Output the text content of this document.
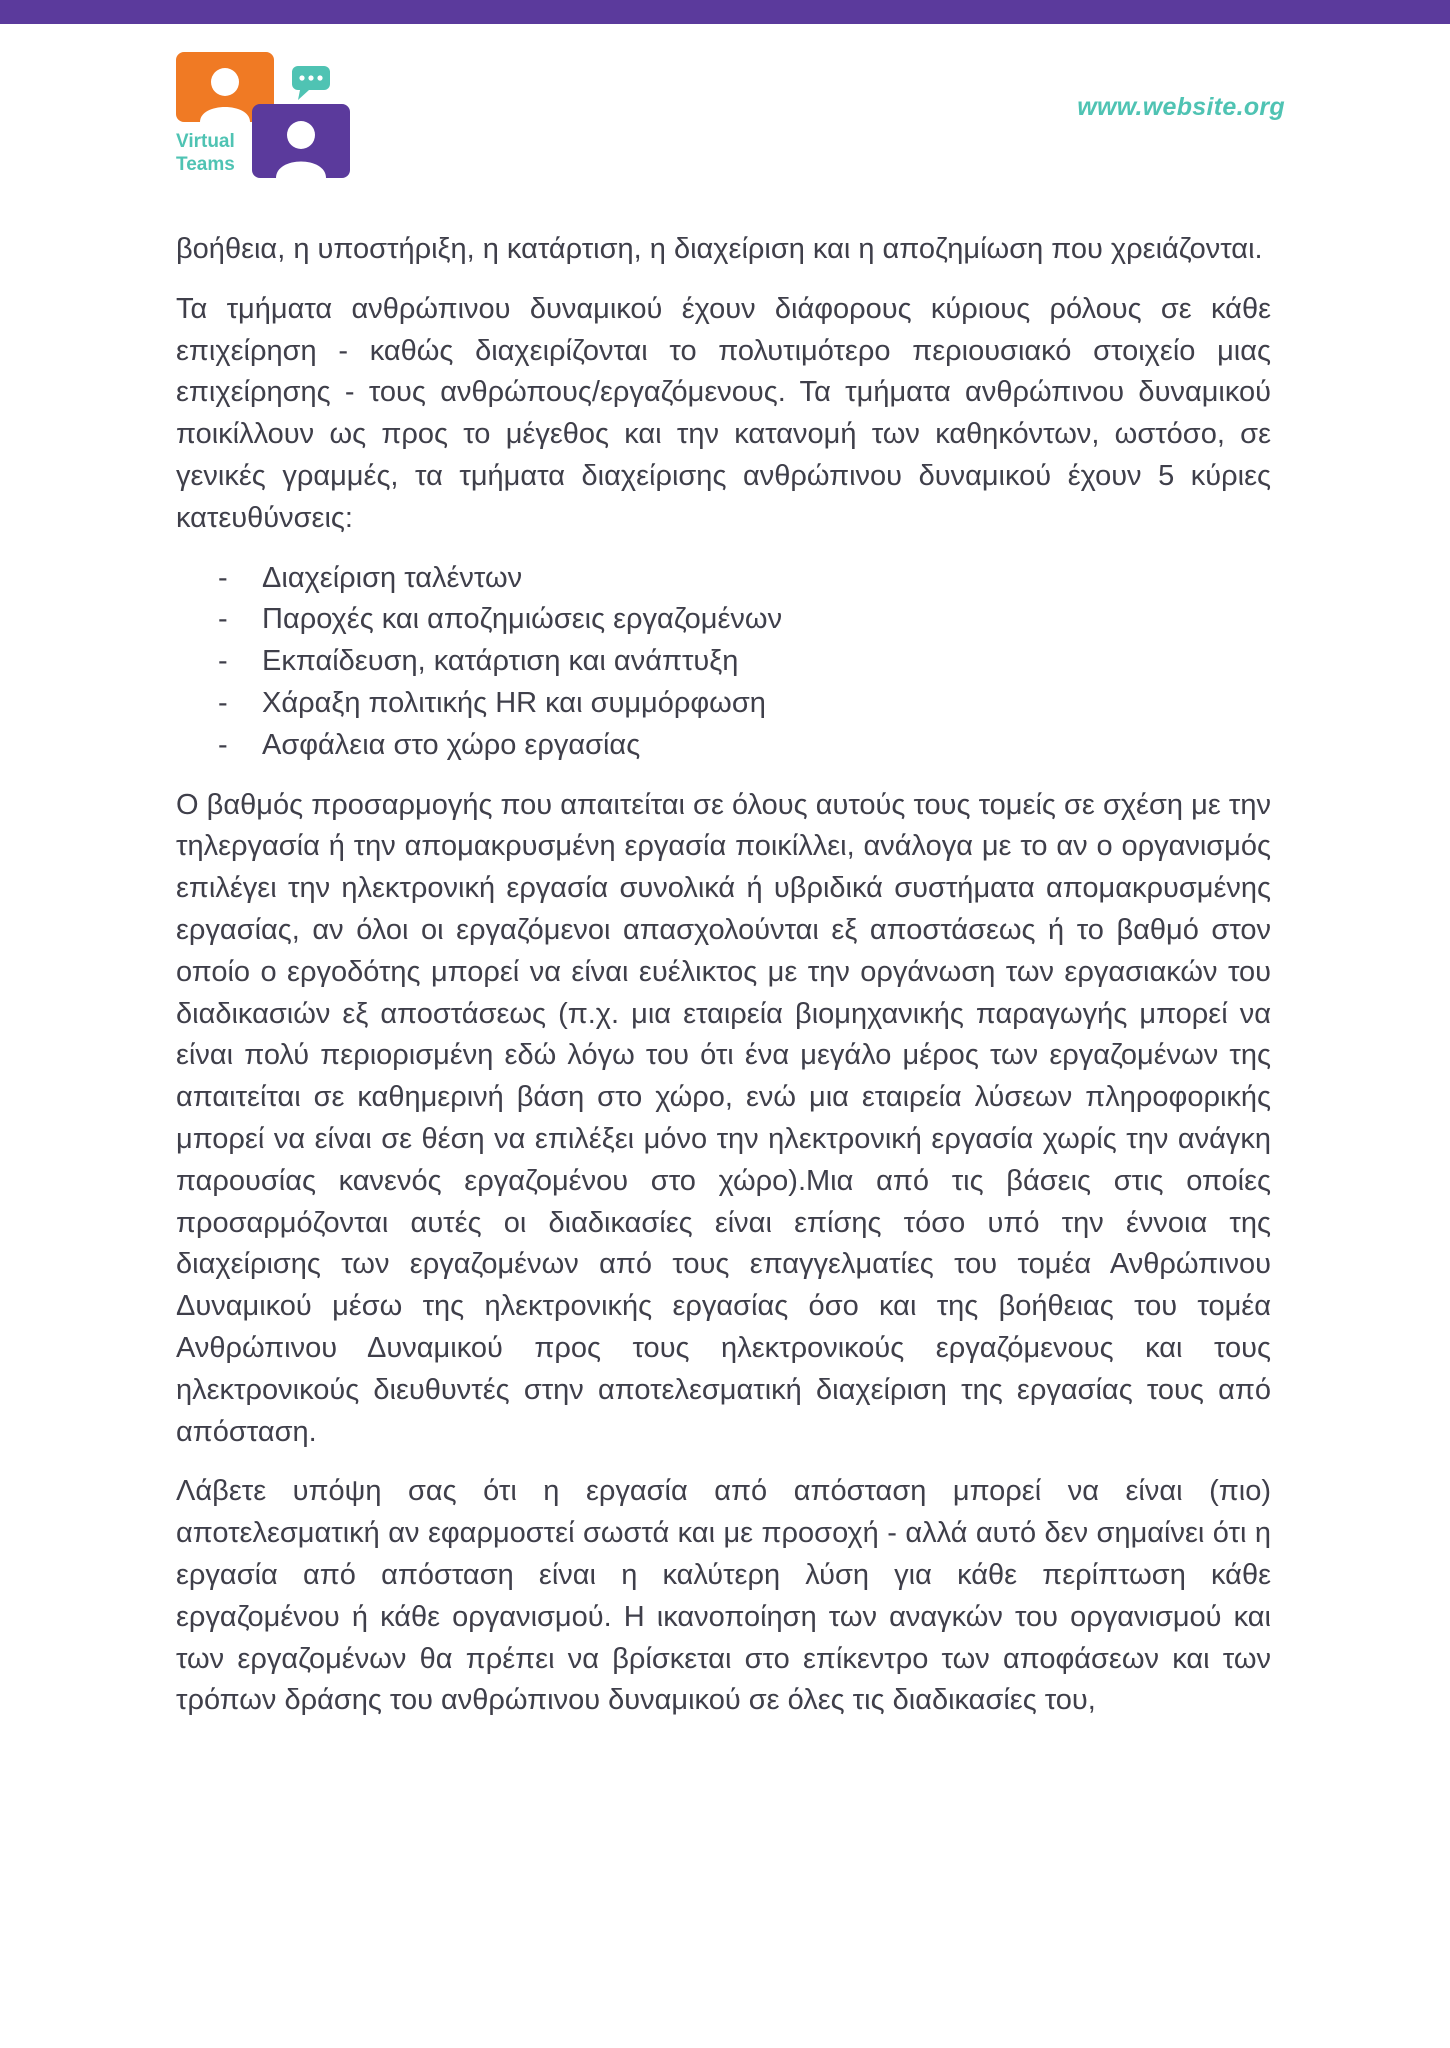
Virtual
Teams
www.website.org

βοήθεια, η υποστήριξη, η κατάρτιση, η διαχείριση και η αποζημίωση που χρειάζονται.

Τα τμήματα ανθρώπινου δυναμικού έχουν διάφορους κύριους ρόλους σε κάθε επιχείρηση - καθώς διαχειρίζονται το πολυτιμότερο περιουσιακό στοιχείο μιας επιχείρησης - τους ανθρώπους/εργαζόμενους. Τα τμήματα ανθρώπινου δυναμικού ποικίλλουν ως προς το μέγεθος και την κατανομή των καθηκόντων, ωστόσο, σε γενικές γραμμές, τα τμήματα διαχείρισης ανθρώπινου δυναμικού έχουν 5 κύριες κατευθύνσεις:

- Διαχείριση ταλέντων
- Παροχές και αποζημιώσεις εργαζομένων
- Εκπαίδευση, κατάρτιση και ανάπτυξη
- Χάραξη πολιτικής HR και συμμόρφωση
- Ασφάλεια στο χώρο εργασίας

Ο βαθμός προσαρμογής που απαιτείται σε όλους αυτούς τους τομείς σε σχέση με την τηλεργασία ή την απομακρυσμένη εργασία ποικίλλει, ανάλογα με το αν ο οργανισμός επιλέγει την ηλεκτρονική εργασία συνολικά ή υβριδικά συστήματα απομακρυσμένης εργασίας, αν όλοι οι εργαζόμενοι απασχολούνται εξ αποστάσεως ή το βαθμό στον οποίο ο εργοδότης μπορεί να είναι ευέλικτος με την οργάνωση των εργασιακών του διαδικασιών εξ αποστάσεως (π.χ. μια εταιρεία βιομηχανικής παραγωγής μπορεί να είναι πολύ περιορισμένη εδώ λόγω του ότι ένα μεγάλο μέρος των εργαζομένων της απαιτείται σε καθημερινή βάση στο χώρο, ενώ μια εταιρεία λύσεων πληροφορικής μπορεί να είναι σε θέση να επιλέξει μόνο την ηλεκτρονική εργασία χωρίς την ανάγκη παρουσίας κανενός εργαζομένου στο χώρο).Μια από τις βάσεις στις οποίες προσαρμόζονται αυτές οι διαδικασίες είναι επίσης τόσο υπό την έννοια της διαχείρισης των εργαζομένων από τους επαγγελματίες του τομέα Ανθρώπινου Δυναμικού μέσω της ηλεκτρονικής εργασίας όσο και της βοήθειας του τομέα Ανθρώπινου Δυναμικού προς τους ηλεκτρονικούς εργαζόμενους και τους ηλεκτρονικούς διευθυντές στην αποτελεσματική διαχείριση της εργασίας τους από απόσταση.

Λάβετε υπόψη σας ότι η εργασία από απόσταση μπορεί να είναι (πιο) αποτελεσματική αν εφαρμοστεί σωστά και με προσοχή - αλλά αυτό δεν σημαίνει ότι η εργασία από απόσταση είναι η καλύτερη λύση για κάθε περίπτωση κάθε εργαζομένου ή κάθε οργανισμού. Η ικανοποίηση των αναγκών του οργανισμού και των εργαζομένων θα πρέπει να βρίσκεται στο επίκεντρο των αποφάσεων και των τρόπων δράσης του ανθρώπινου δυναμικού σε όλες τις διαδικασίες του,
